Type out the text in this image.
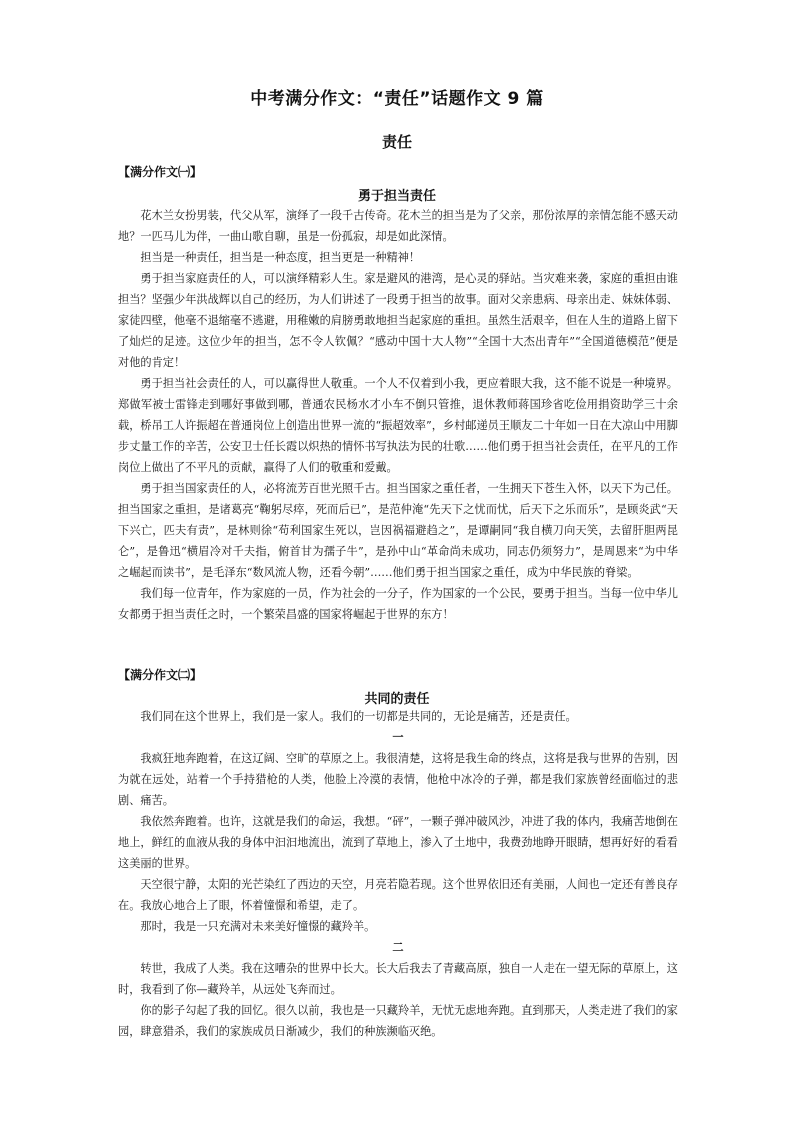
中考满分作文：“责任”话题作文 9 篇
责任
【满分作文㈠】
勇于担当责任

花木兰女扮男装，代父从军，演绎了一段千古传奇。花木兰的担当是为了父亲，那份浓厚的亲情怎能不感天动地？一匹马儿为伴，一曲山歌自聊，虽是一份孤寂，却是如此深情。

担当是一种责任，担当是一种态度，担当更是一种精神！

勇于担当家庭责任的人，可以演绎精彩人生。家是避风的港湾，是心灵的驿站。当灾难来袭，家庭的重担由谁担当？坚强少年洪战辉以自己的经历，为人们讲述了一段勇于担当的故事。面对父亲患病、母亲出走、妹妹体弱、家徒四壁，他毫不退缩毫不逃避，用稚嫩的肩膀勇敢地担当起家庭的重担。虽然生活艰辛，但在人生的道路上留下了灿烂的足迹。这位少年的担当，怎不令人钦佩？“感动中国十大人物”“全国十大杰出青年”“全国道德模范”便是对他的肯定！

勇于担当社会责任的人，可以赢得世人敬重。一个人不仅着到小我，更应着眼大我，这不能不说是一种境界。郑做军被士雷锋走到哪好事做到哪，普通农民杨水才小车不倒只管推，退休教师蒋国珍省吃俭用捐资助学三十余载，桥吊工人许振超在普通岗位上创造出世界一流的“振超效率”，乡村邮递员王顺友二十年如一日在大凉山中用脚步丈量工作的辛苦，公安卫士任长霞以炽热的情怀书写执法为民的壮歌……他们勇于担当社会责任，在平凡的工作岗位上做出了不平凡的贡献，赢得了人们的敬重和爱戴。

勇于担当国家责任的人，必将流芳百世光照千古。担当国家之重任者，一生拥天下苍生入怀，以天下为己任。担当国家之重担，是诸葛亮“鞠躬尽瘁，死而后已”，是范仲淹“先天下之忧而忧，后天下之乐而乐”，是顾炎武“天下兴亡，匹夫有责”，是林则徐“苟利国家生死以，岂因祸福避趋之”，是谭嗣同“我自横刀向天笑，去留肝胆两昆仑”，是鲁迅“横眉冷对千夫指，俯首甘为孺子牛”，是孙中山“革命尚未成功，同志仍须努力”，是周恩来“为中华之崛起而读书”，是毛泽东“数风流人物，还看今朝”……他们勇于担当国家之重任，成为中华民族的脊梁。

我们每一位青年，作为家庭的一员，作为社会的一分子，作为国家的一个公民，要勇于担当。当每一位中华儿女都勇于担当责任之时，一个繁荣昌盛的国家将崛起于世界的东方！

【满分作文㈡】
共同的责任

我们同在这个世界上，我们是一家人。我们的一切都是共同的，无论是痛苦，还是责任。

一

我疯狂地奔跑着，在这辽阔、空旷的草原之上。我很清楚，这将是我生命的终点，这将是我与世界的告别，因为就在远处，站着一个手持猎枪的人类，他脸上冷漠的表情，他枪中冰冷的子弹，都是我们家族曾经面临过的悲剧、痛苦。

我依然奔跑着。也许，这就是我们的命运，我想。“砰”，一颗子弹冲破风沙，冲进了我的体内，我痛苦地倒在地上，鲜红的血液从我的身体中汩汩地流出，流到了草地上，渗入了土地中，我费劲地睁开眼睛，想再好好的看看这美丽的世界。

天空很宁静，太阳的光芒染红了西边的天空，月亮若隐若现。这个世界依旧还有美丽，人间也一定还有善良存在。我放心地合上了眼，怀着憧憬和希望，走了。

那时，我是一只充满对未来美好憧憬的藏羚羊。

二

转世，我成了人类。我在这嘈杂的世界中长大。长大后我去了青藏高原，独自一人走在一望无际的草原上，这时，我看到了你—藏羚羊，从远处飞奔而过。

你的影子勾起了我的回忆。很久以前，我也是一只藏羚羊，无忧无虑地奔跑。直到那天，人类走进了我们的家园，肆意猎杀，我们的家族成员日渐减少，我们的种族濒临灭绝。
